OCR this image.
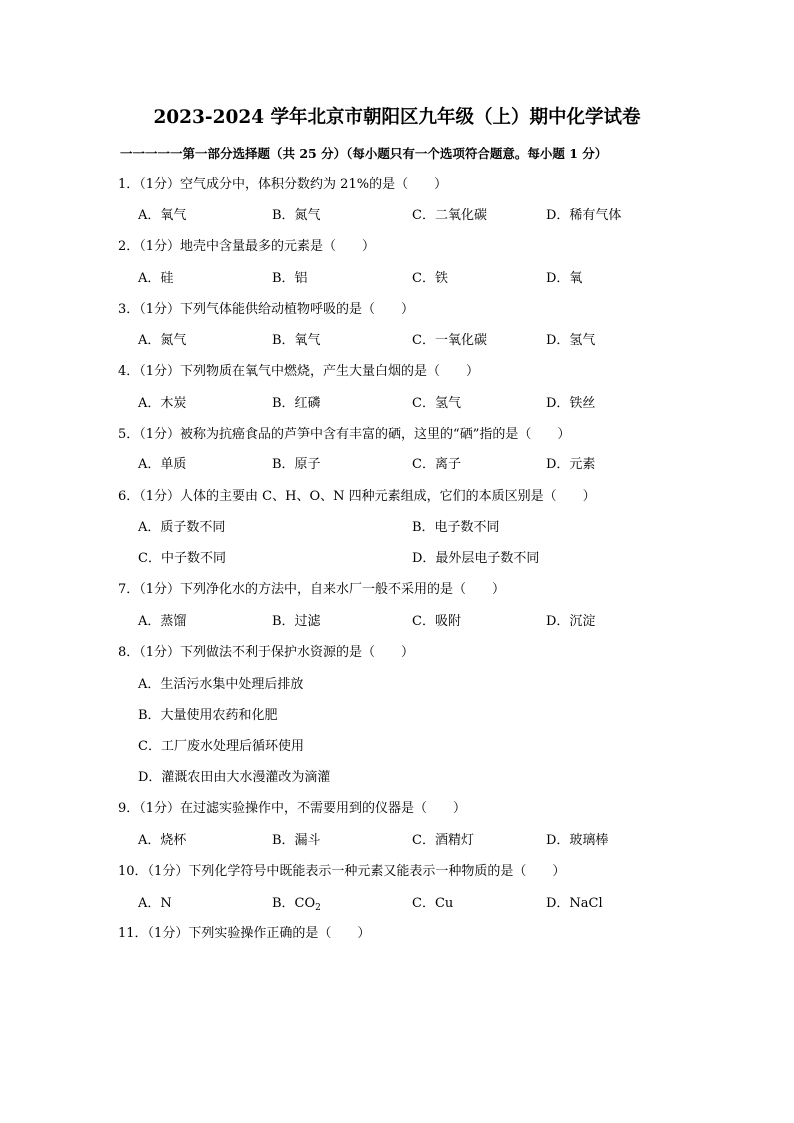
2023-2024 学年北京市朝阳区九年级（上）期中化学试卷
一一一一一第一部分选择题（共 25 分）（每小题只有一个选项符合题意。每小题 1 分）
1．（1分）空气成分中，体积分数约为 21%的是（　　）
A．氧气	B．氮气	C．二氧化碳	D．稀有气体
2．（1分）地壳中含量最多的元素是（　　）
A．硅	B．铝	C．铁	D．氧
3．（1分）下列气体能供给动植物呼吸的是（　　）
A．氮气	B．氧气	C．一氧化碳	D．氢气
4．（1分）下列物质在氧气中燃烧，产生大量白烟的是（　　）
A．木炭	B．红磷	C．氢气	D．铁丝
5．（1分）被称为抗癌食品的芦笋中含有丰富的硒，这里的“硒”指的是（　　）
A．单质	B．原子	C．离子	D．元素
6．（1分）人体的主要由 C、H、O、N 四种元素组成，它们的本质区别是（　　）
A．质子数不同	B．电子数不同
C．中子数不同	D．最外层电子数不同
7．（1分）下列净化水的方法中，自来水厂一般不采用的是（　　）
A．蒸馏	B．过滤	C．吸附	D．沉淀
8．（1分）下列做法不利于保护水资源的是（　　）
A．生活污水集中处理后排放
B．大量使用农药和化肥
C．工厂废水处理后循环使用
D．灌溉农田由大水漫灌改为滴灌
9．（1分）在过滤实验操作中，不需要用到的仪器是（　　）
A．烧杯	B．漏斗	C．酒精灯	D．玻璃棒
10．（1分）下列化学符号中既能表示一种元素又能表示一种物质的是（　　）
A．N	B．$CO_2$	C．Cu	D．NaCl
11．（1分）下列实验操作正确的是（　　）
